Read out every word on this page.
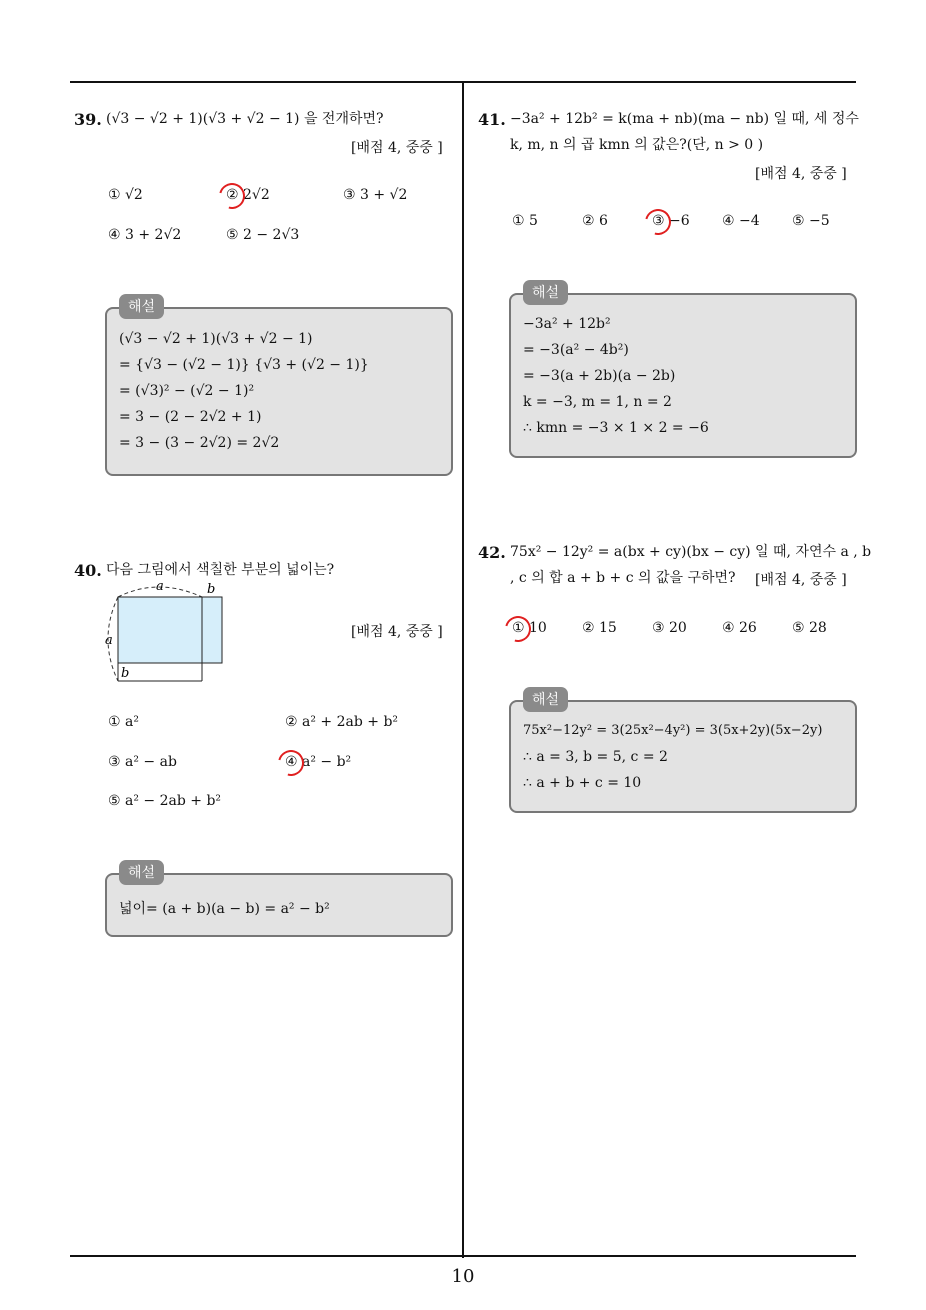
10
39. (√3 − √2 + 1)(√3 + √2 − 1) 을 전개하면?
[배점 4, 중중 ]
① √2	② 2√2	③ 3 + √2
④ 3 + 2√2	⑤ 2 − 2√3
(√3 − √2 + 1)(√3 + √2 − 1)
= {√3 − (√2 − 1)} {√3 + (√2 − 1)}
= (√3)² − (√2 − 1)²
= 3 − (2 − 2√2 + 1)
= 3 − (3 − 2√2) = 2√2
해설
40. 다음 그림에서 색칠한 부분의 넓이는?
a	b
a
b
[배점 4, 중중 ]
① a²	② a² + 2ab + b²
③ a² − ab	④ a² − b²
⑤ a² − 2ab + b²
넓이= (a + b)(a − b) = a² − b²
해설
41. −3a² + 12b² = k(ma + nb)(ma − nb) 일 때, 세 정수
k, m, n 의 곱 kmn 의 값은?(단, n > 0 )
[배점 4, 중중 ]
① 5	② 6	③ −6 ④ −4 ⑤ −5
−3a² + 12b²
= −3(a² − 4b²)
= −3(a + 2b)(a − 2b)
k = −3, m = 1, n = 2
∴ kmn = −3 × 1 × 2 = −6
해설
42. 75x² − 12y² = a(bx + cy)(bx − cy) 일 때, 자연수 a , b
, c 의 합 a + b + c 의 값을 구하면? [배점 4, 중중 ]
① 10	② 15	③ 20	④ 26	⑤ 28
75x²−12y² = 3(25x²−4y²) = 3(5x+2y)(5x−2y)
∴ a = 3, b = 5, c = 2
∴ a + b + c = 10
해설
